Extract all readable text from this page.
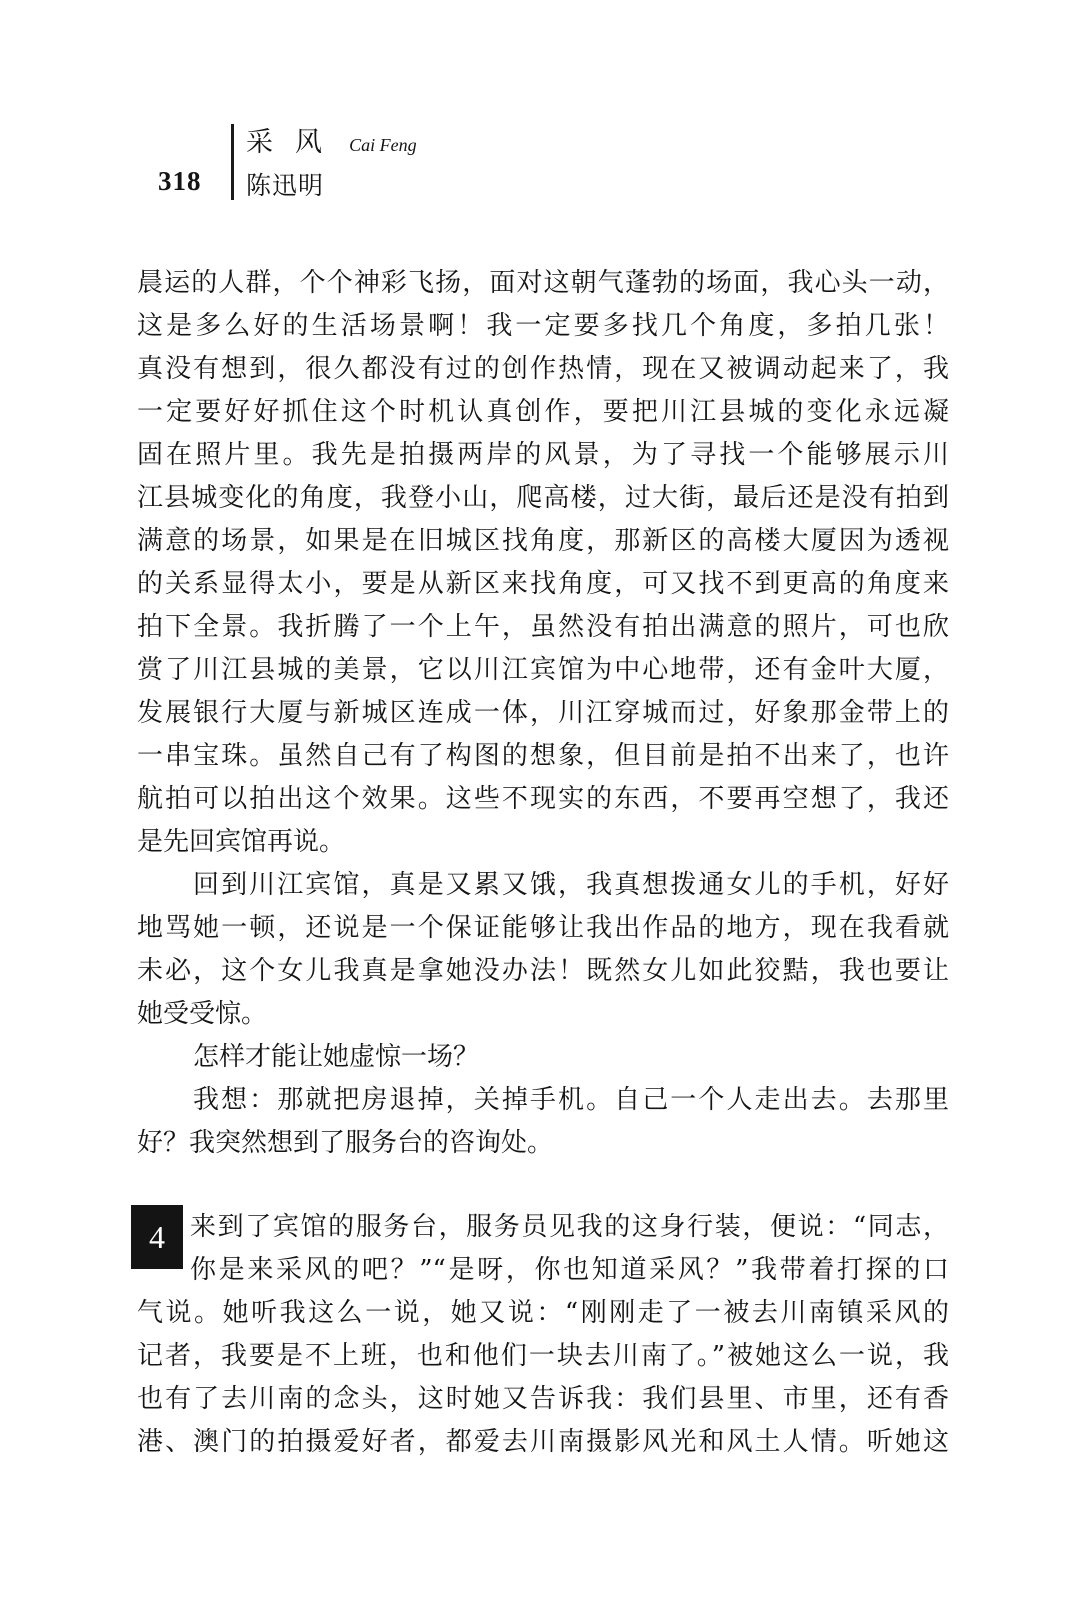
318
采风 Cai Feng
陈迅明
晨运的人群，个个神彩飞扬，面对这朝气蓬勃的场面，我心头一动，
这是多么好的生活场景啊！我一定要多找几个角度，多拍几张！
真没有想到，很久都没有过的创作热情，现在又被调动起来了，我
一定要好好抓住这个时机认真创作，要把川江县城的变化永远凝
固在照片里。我先是拍摄两岸的风景，为了寻找一个能够展示川
江县城变化的角度，我登小山，爬高楼，过大街，最后还是没有拍到
满意的场景，如果是在旧城区找角度，那新区的高楼大厦因为透视
的关系显得太小，要是从新区来找角度，可又找不到更高的角度来
拍下全景。我折腾了一个上午，虽然没有拍出满意的照片，可也欣
赏了川江县城的美景，它以川江宾馆为中心地带，还有金叶大厦，
发展银行大厦与新城区连成一体，川江穿城而过，好象那金带上的
一串宝珠。虽然自己有了构图的想象，但目前是拍不出来了，也许
航拍可以拍出这个效果。这些不现实的东西，不要再空想了，我还
是先回宾馆再说。
回到川江宾馆，真是又累又饿，我真想拨通女儿的手机，好好
地骂她一顿，还说是一个保证能够让我出作品的地方，现在我看就
未必，这个女儿我真是拿她没办法！既然女儿如此狡黠，我也要让
她受受惊。
怎样才能让她虚惊一场？
我想：那就把房退掉，关掉手机。自己一个人走出去。去那里
好？我突然想到了服务台的咨询处。
4 来到了宾馆的服务台，服务员见我的这身行装，便说：“同志，
你是来采风的吧？”“是呀，你也知道采风？”我带着打探的口
气说。她听我这么一说，她又说：“刚刚走了一被去川南镇采风的
记者，我要是不上班，也和他们一块去川南了。”被她这么一说，我
也有了去川南的念头，这时她又告诉我：我们县里、市里，还有香
港、澳门的拍摄爱好者，都爱去川南摄影风光和风土人情。听她这
